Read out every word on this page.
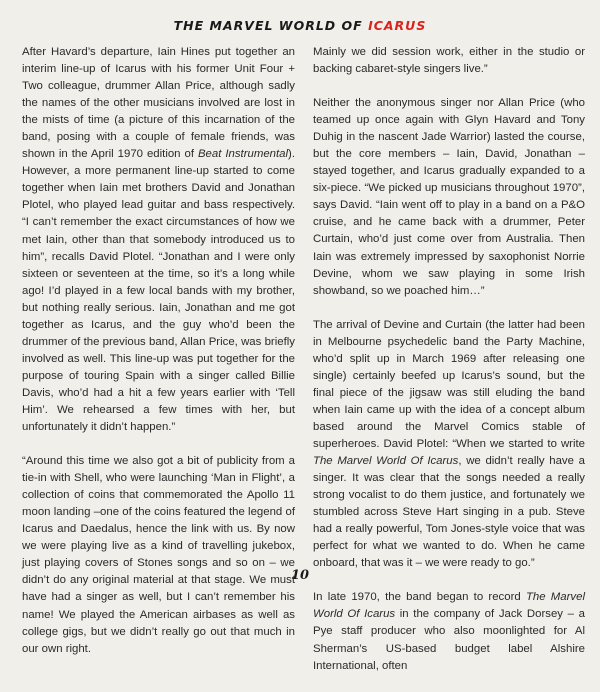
THE MARVEL WORLD OF ICARUS

After Havard’s departure, Iain Hines put together an interim line-up of Icarus with his former Unit Four + Two colleague, drummer Allan Price, although sadly the names of the other musicians involved are lost in the mists of time (a picture of this incarnation of the band, posing with a couple of female friends, was shown in the April 1970 edition of Beat Instrumental). However, a more permanent line-up started to come together when Iain met brothers David and Jonathan Plotel, who played lead guitar and bass respectively. “I can’t remember the exact circumstances of how we met Iain, other than that somebody introduced us to him”, recalls David Plotel. “Jonathan and I were only sixteen or seventeen at the time, so it’s a long while ago! I’d played in a few local bands with my brother, but nothing really serious. Iain, Jonathan and me got together as Icarus, and the guy who’d been the drummer of the previous band, Allan Price, was briefly involved as well. This line-up was put together for the purpose of touring Spain with a singer called Billie Davis, who’d had a hit a few years earlier with ‘Tell Him’. We rehearsed a few times with her, but unfortunately it didn’t happen.”

“Around this time we also got a bit of publicity from a tie-in with Shell, who were launching ‘Man in Flight’, a collection of coins that commemorated the Apollo 11 moon landing –one of the coins featured the legend of Icarus and Daedalus, hence the link with us. By now we were playing live as a kind of travelling jukebox, just playing covers of Stones songs and so on – we didn’t do any original material at that stage. We must have had a singer as well, but I can’t remember his name! We played the American airbases as well as college gigs, but we didn’t really go out that much in our own right.

Mainly we did session work, either in the studio or backing cabaret-style singers live.”

Neither the anonymous singer nor Allan Price (who teamed up once again with Glyn Havard and Tony Duhig in the nascent Jade Warrior) lasted the course, but the core members – Iain, David, Jonathan – stayed together, and Icarus gradually expanded to a six-piece. “We picked up musicians throughout 1970”, says David. “Iain went off to play in a band on a P&O cruise, and he came back with a drummer, Peter Curtain, who’d just come over from Australia. Then Iain was extremely impressed by saxophonist Norrie Devine, whom we saw playing in some Irish showband, so we poached him…”

The arrival of Devine and Curtain (the latter had been in Melbourne psychedelic band the Party Machine, who’d split up in March 1969 after releasing one single) certainly beefed up Icarus’s sound, but the final piece of the jigsaw was still eluding the band when Iain came up with the idea of a concept album based around the Marvel Comics stable of superheroes. David Plotel: “When we started to write The Marvel World Of Icarus, we didn’t really have a singer. It was clear that the songs needed a really strong vocalist to do them justice, and fortunately we stumbled across Steve Hart singing in a pub. Steve had a really powerful, Tom Jones-style voice that was perfect for what we wanted to do. When he came onboard, that was it – we were ready to go.”

In late 1970, the band began to record The Marvel World Of Icarus in the company of Jack Dorsey – a Pye staff producer who also moonlighted for Al Sherman’s US-based budget label Alshire International, often

10
